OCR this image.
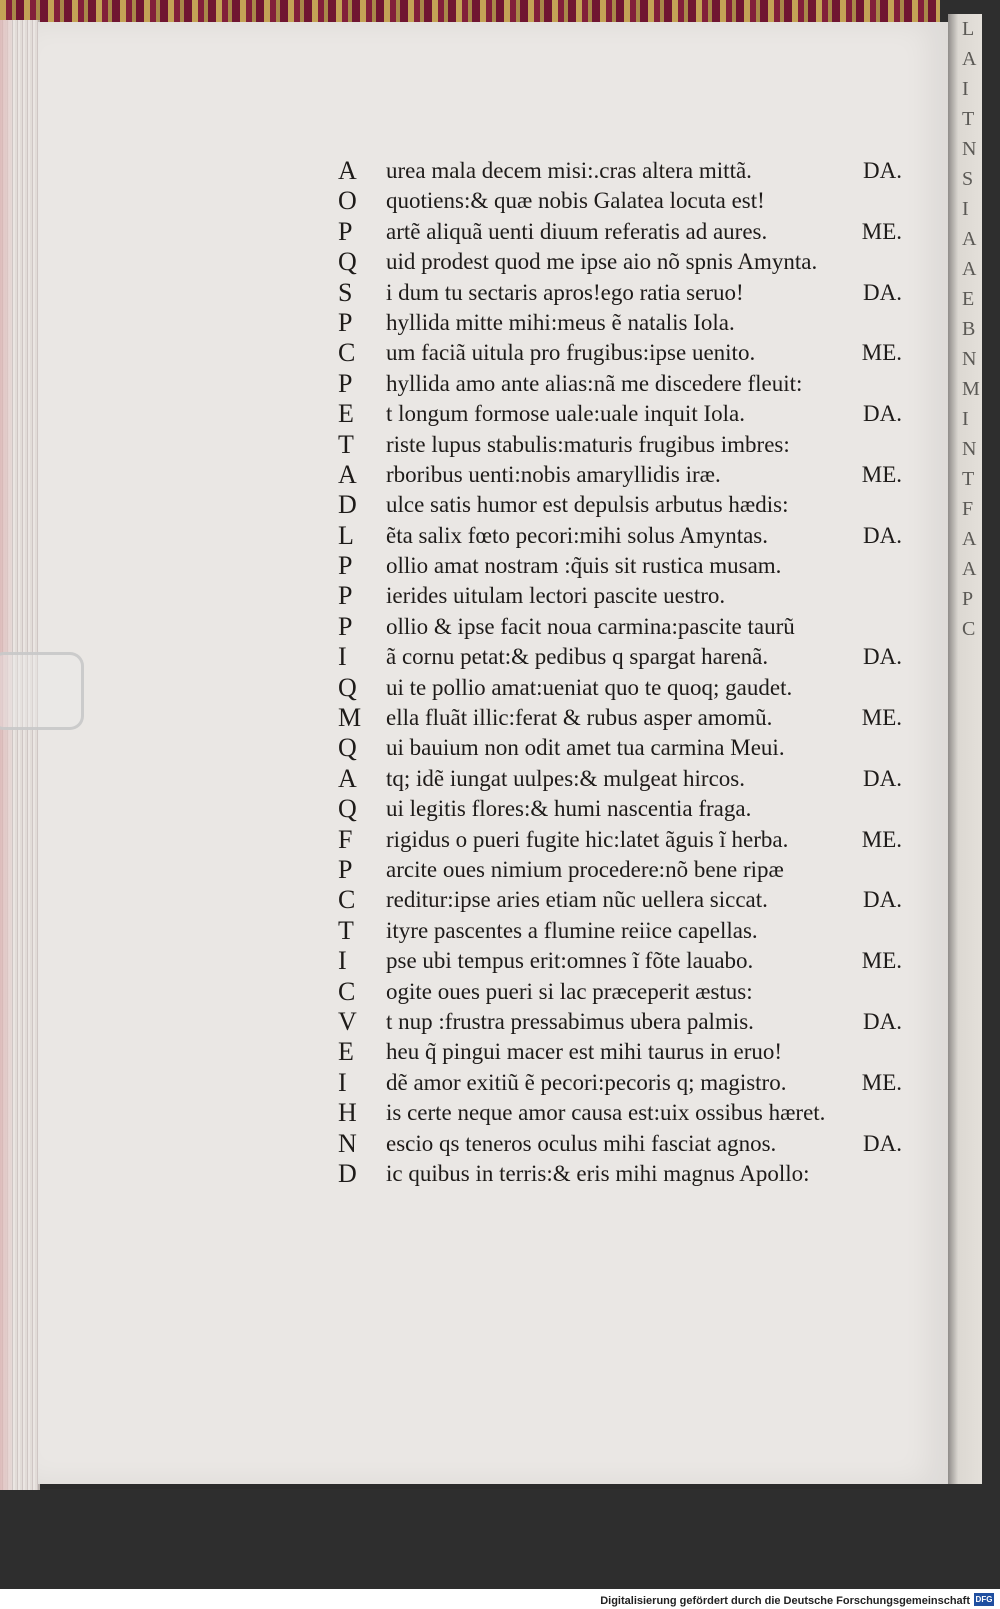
A	urea mala decem misi:.cras altera mittã.	DA.
O	quotiens:& quæ nobis Galatea locuta est!
P	artẽ aliquã uenti diuum referatis ad aures.	ME.
Q	uid prodest quod me ipse aio nõ spnis Amynta.
S	i dum tu sectaris apros!ego ratia seruo!	DA.
P	hyllida mitte mihi:meus ẽ natalis Iola.
C	um faciã uitula pro frugibus:ipse uenito.	ME.
P	hyllida amo ante alias:nã me discedere fleuit:
E	t longum formose uale:uale inquit Iola.	DA.
T	riste lupus stabulis:maturis frugibus imbres:
A	rboribus uenti:nobis amaryllidis iræ.	ME.
D	ulce satis humor est depulsis arbutus hædis:
L	ẽta salix fœto pecori:mihi solus Amyntas.	DA.
P	ollio amat nostram :q̃uis sit rustica musam.
P	ierides uitulam lectori pascite uestro.
P	ollio & ipse facit noua carmina:pascite taurũ
I	ã cornu petat:& pedibus q spargat harenã.	DA.
Q	ui te pollio amat:ueniat quo te quoq; gaudet.
M	ella fluãt illic:ferat & rubus asper amomũ.	ME.
Q	ui bauium non odit amet tua carmina Meui.
A	tq; idẽ iungat uulpes:& mulgeat hircos.	DA.
Q	ui legitis flores:& humi nascentia fraga.
F	rigidus o pueri fugite hic:latet ãguis ĩ herba.	ME.
P	arcite oues nimium procedere:nõ bene ripæ
C	reditur:ipse aries etiam nũc uellera siccat.	DA.
T	ityre pascentes a flumine reiice capellas.
I	pse ubi tempus erit:omnes ĩ fõte lauabo.	ME.
C	ogite oues pueri si lac præceperit æstus:
V	t nup :frustra pressabimus ubera palmis.	DA.
E	heu q̃ pingui macer est mihi taurus in eruo!
I	dẽ amor exitiũ ẽ pecori:pecoris q; magistro.	ME.
H	is certe neque amor causa est:uix ossibus hæret.
N	escio qs teneros oculus mihi fasciat agnos.	DA.
D	ic quibus in terris:& eris mihi magnus Apollo:
L
A
I
T
N
S
I
A
A
E
B
N
M
I
N
T
F
A
A
P
C
Digitalisierung gefördert durch die Deutsche Forschungsgemeinschaft DFG
